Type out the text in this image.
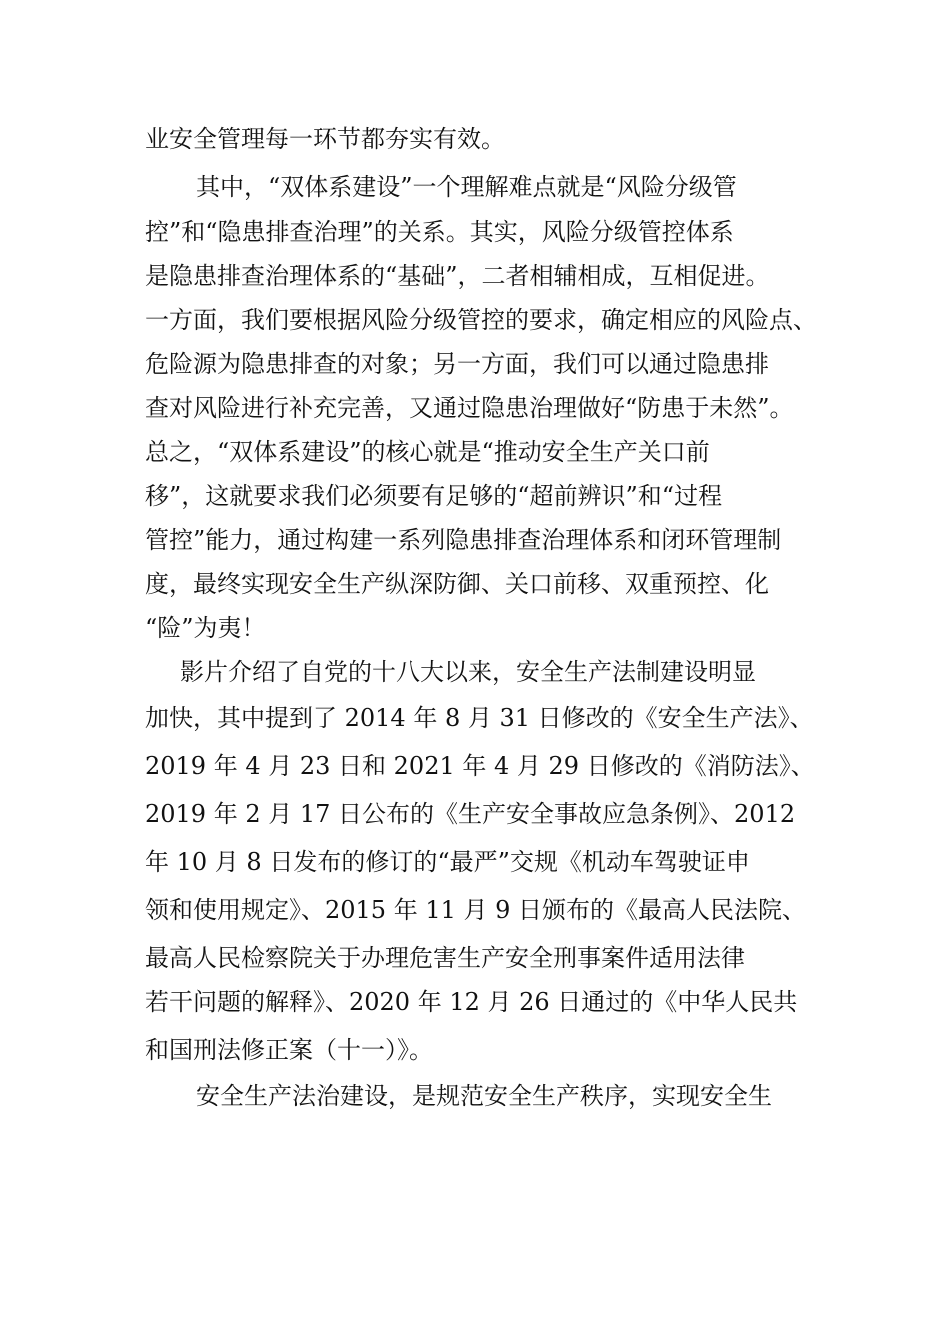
业安全管理每一环节都夯实有效。
其中，“双体系建设”一个理解难点就是“风险分级管
控”和“隐患排查治理”的关系。其实，风险分级管控体系
是隐患排查治理体系的“基础”，二者相辅相成，互相促进。
一方面，我们要根据风险分级管控的要求，确定相应的风险点、
危险源为隐患排查的对象；另一方面，我们可以通过隐患排
查对风险进行补充完善，又通过隐患治理做好“防患于未然”。
总之，“双体系建设”的核心就是“推动安全生产关口前
移”，这就要求我们必须要有足够的“超前辨识”和“过程
管控”能力，通过构建一系列隐患排查治理体系和闭环管理制
度，最终实现安全生产纵深防御、关口前移、双重预控、化
“险”为夷！
影片介绍了自党的十八大以来，安全生产法制建设明显
加快，其中提到了 2014 年 8 月 31 日修改的《安全生产法》、
2019 年 4 月 23 日和 2021 年 4 月 29 日修改的《消防法》、
2019 年 2 月 17 日公布的《生产安全事故应急条例》、2012
年 10 月 8 日发布的修订的“最严”交规《机动车驾驶证申
领和使用规定》、2015 年 11 月 9 日颁布的《最高人民法院、
最高人民检察院关于办理危害生产安全刑事案件适用法律
若干问题的解释》、2020 年 12 月 26 日通过的《中华人民共
和国刑法修正案（十一）》。
安全生产法治建设，是规范安全生产秩序，实现安全生
